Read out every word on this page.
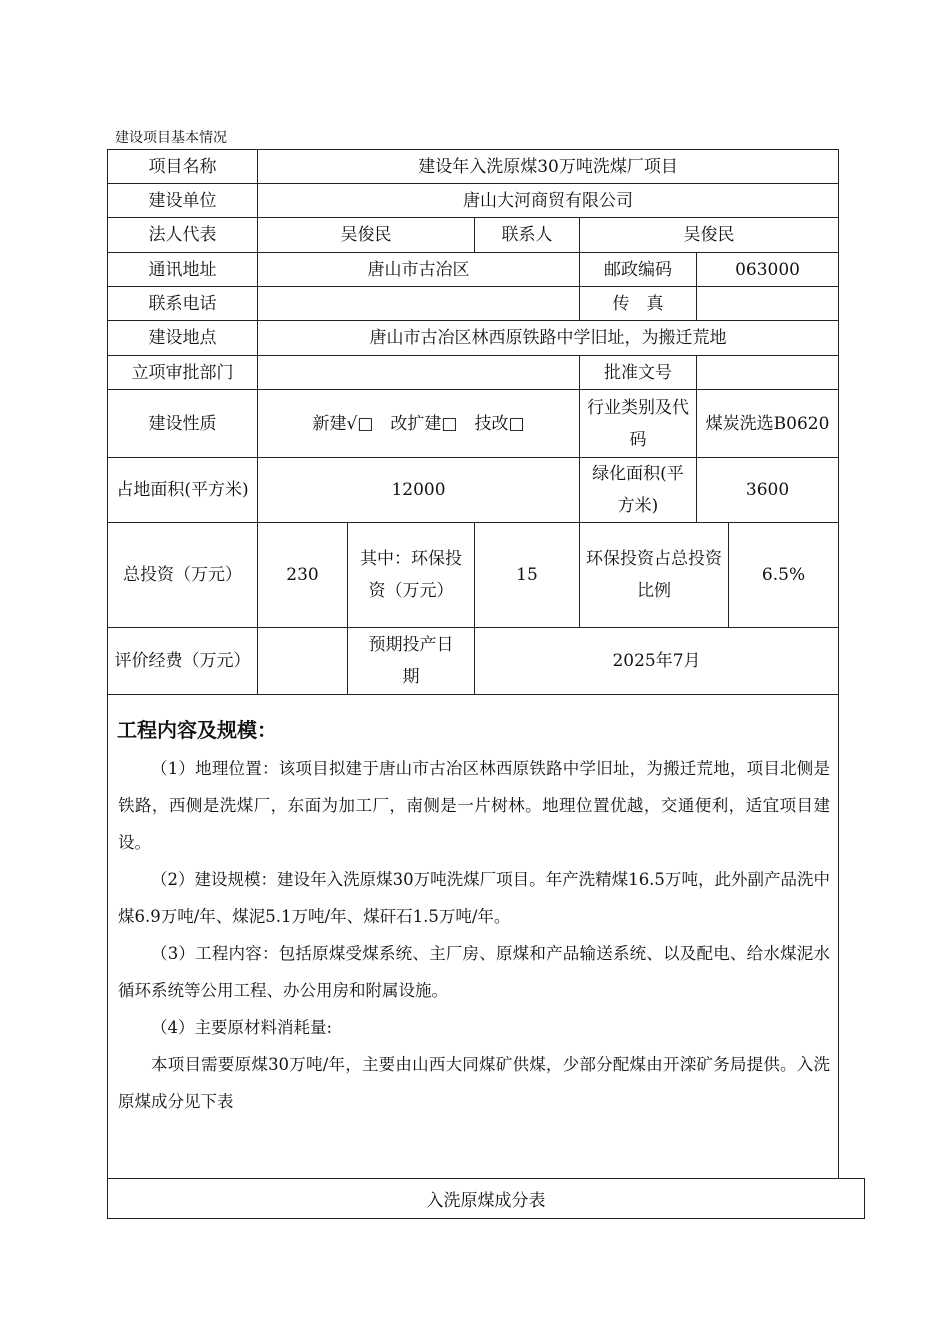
建设项目基本情况
项目名称	建设年入洗原煤30万吨洗煤厂项目					
建设单位	唐山大河商贸有限公司					
法人代表	吴俊民		联系人	吴俊民		
通讯地址	唐山市古冶区			邮政编码	063000	
联系电话				传　真		
建设地点	唐山市古冶区林西原铁路中学旧址，为搬迁荒地					
立项审批部门				批准文号		
建设性质	新建√□　改扩建□　技改□			行业类别及代码	煤炭洗选B0620	
占地面积(平方米)	12000			绿化面积(平方米)	3600	
总投资（万元）	230	其中：环保投资（万元）	15	环保投资占总投资比例		6.5%
评价经费（万元）		预期投产日　期	2025年7月			
工程内容及规模：

（1）地理位置：该项目拟建于唐山市古冶区林西原铁路中学旧址，为搬迁荒地，项目北侧是铁路，西侧是洗煤厂，东面为加工厂，南侧是一片树林。地理位置优越，交通便利，适宜项目建设。

（2）建设规模：建设年入洗原煤30万吨洗煤厂项目。年产洗精煤16.5万吨，此外副产品洗中煤6.9万吨/年、煤泥5.1万吨/年、煤矸石1.5万吨/年。

（3）工程内容：包括原煤受煤系统、主厂房、原煤和产品输送系统、以及配电、给水煤泥水循环系统等公用工程、办公用房和附属设施。

（4）主要原材料消耗量:

本项目需要原煤30万吨/年，主要由山西大同煤矿供煤，少部分配煤由开滦矿务局提供。入洗原煤成分见下表

入洗原煤成分表
